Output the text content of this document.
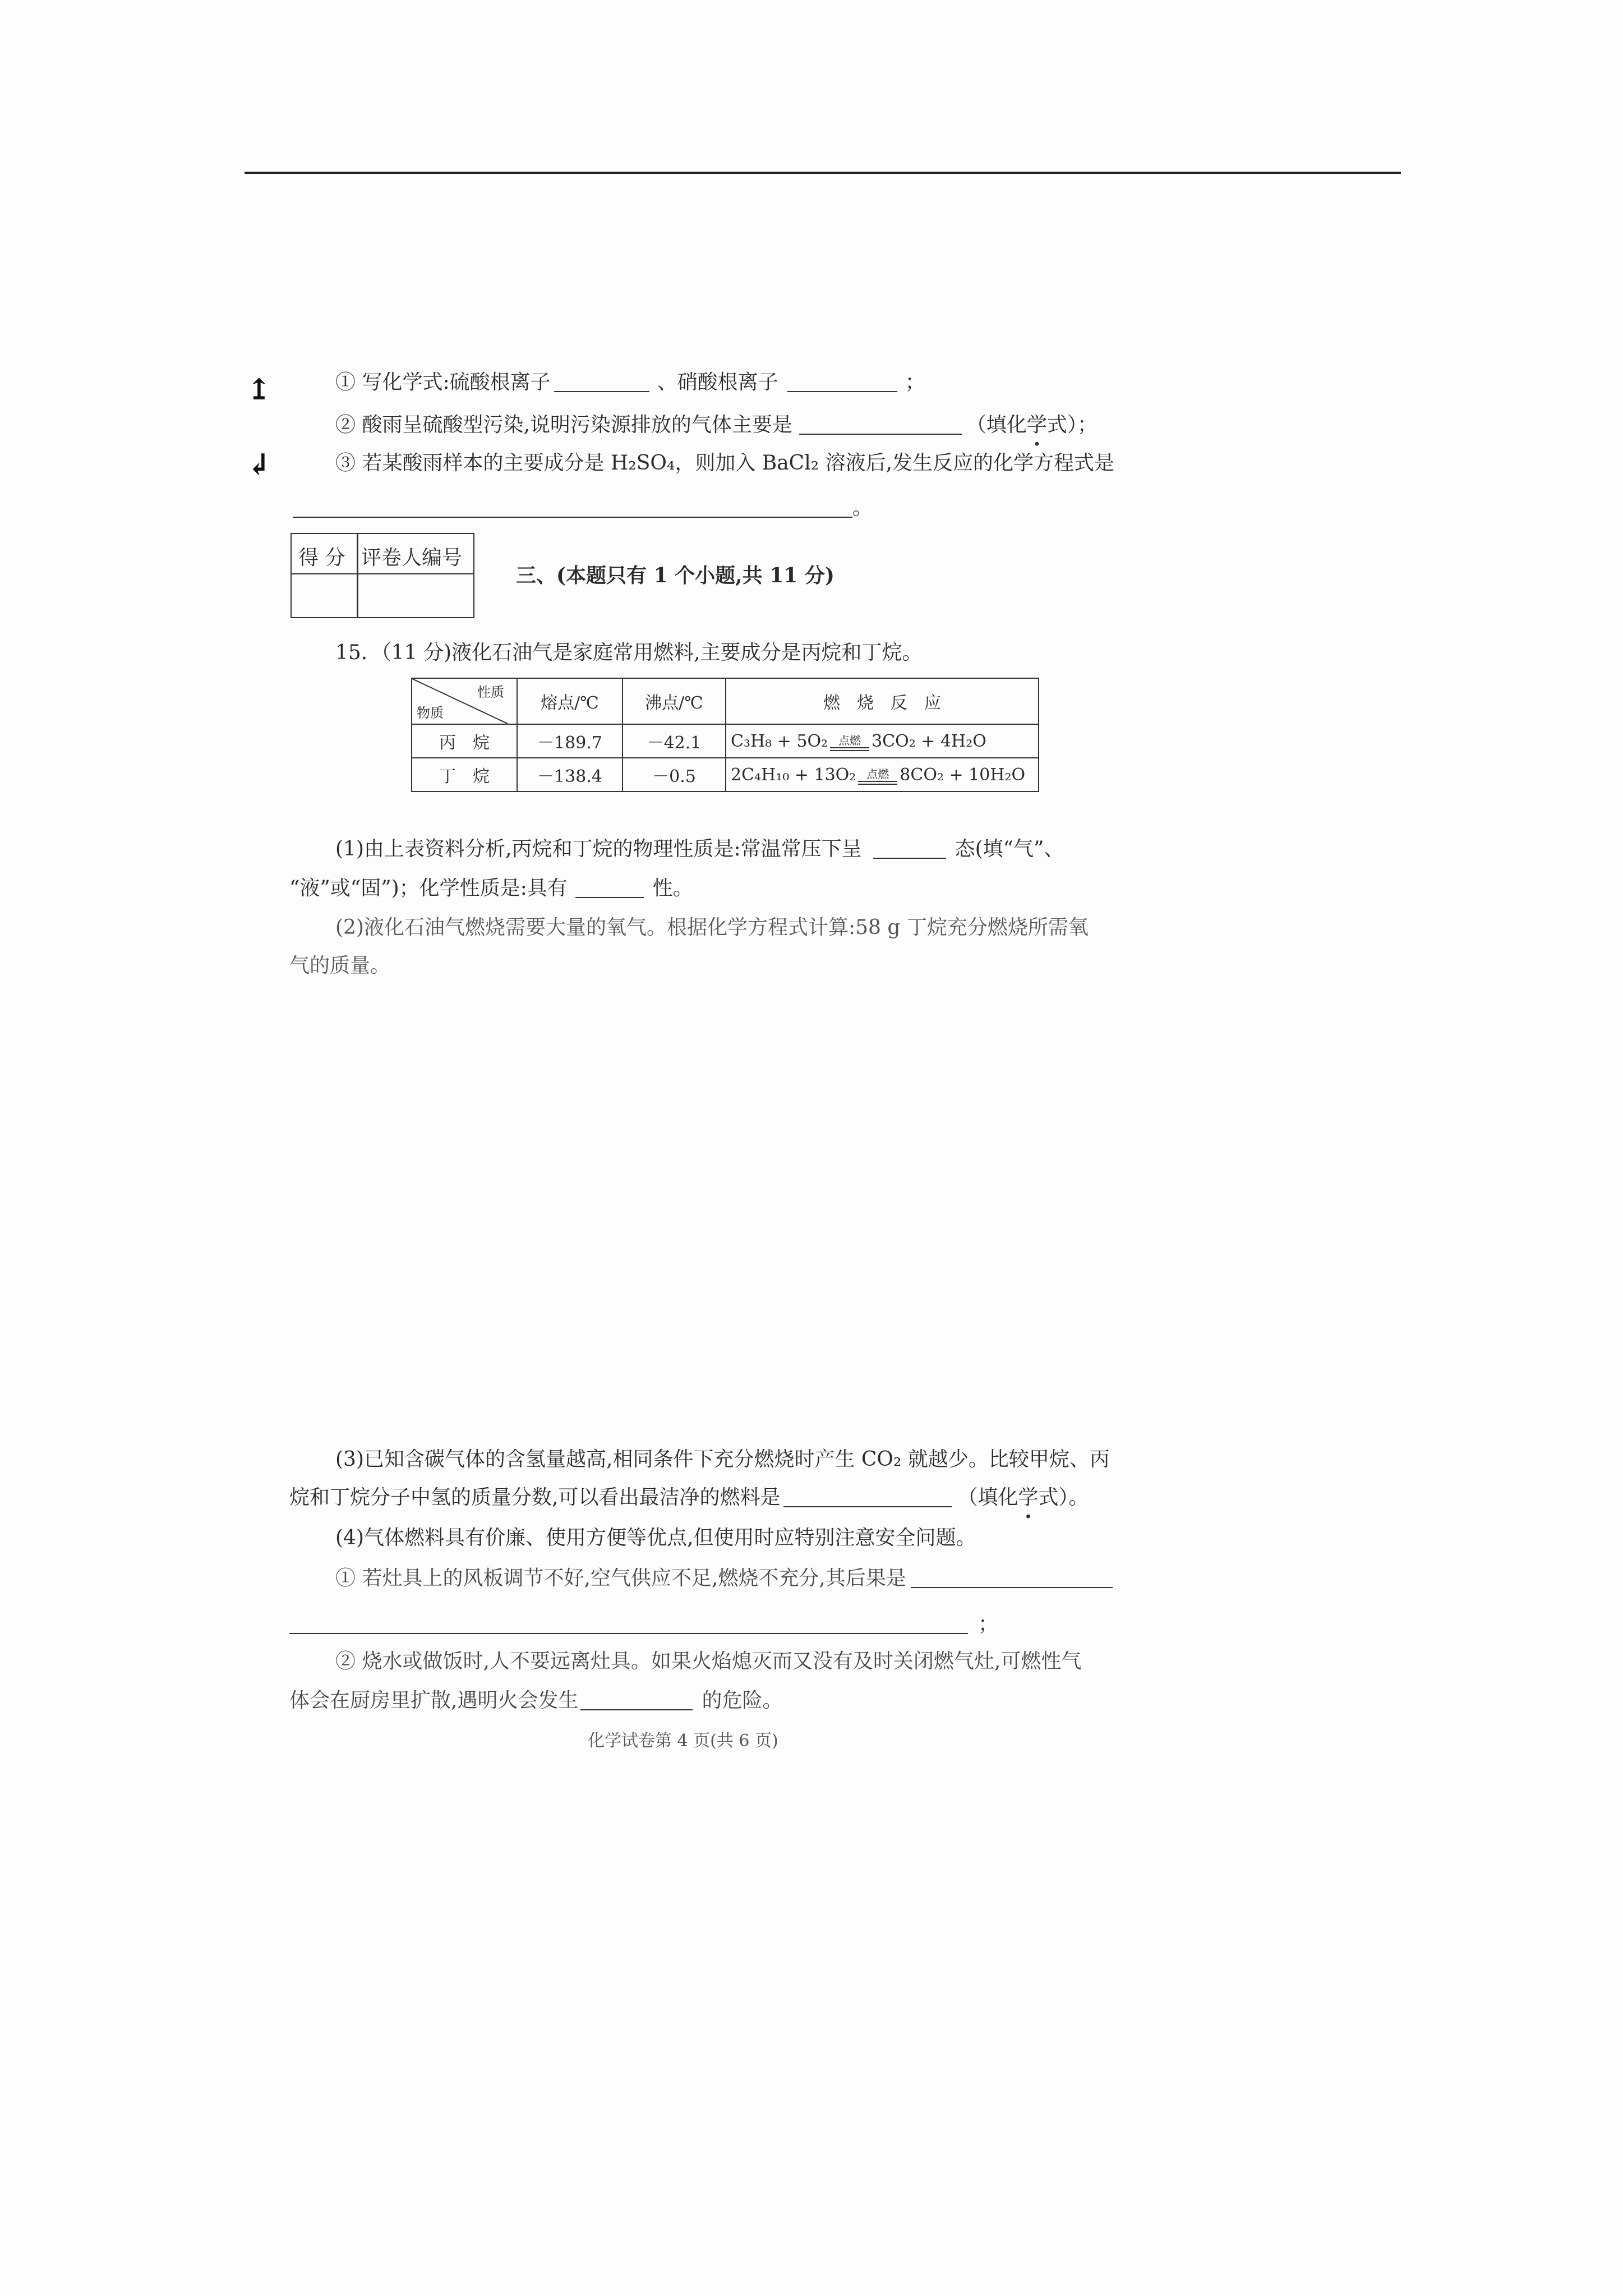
↥
↲
① 写化学式:硫酸根离子	、硝酸根离子	；
② 酸雨呈硫酸型污染,说明污染源排放的气体主要是	（填化学式）；
③ 若某酸雨样本的主要成分是 H₂SO₄，则加入 BaCl₂ 溶液后,发生反应的化学方程式是
。
得 分 评卷人编号
三、(本题只有 1 个小题,共 11 分)
15．（11 分)液化石油气是家庭常用燃料,主要成分是丙烷和丁烷。
性质
物质	熔点/℃	沸点/℃	燃　烧　反　应
丙　烷	－189.7	－42.1	C₃H₈ + 5O₂ 点燃 3CO₂ + 4H₂O
丁　烷	－138.4	－0.5	2C₄H₁₀ + 13O₂ 点燃 8CO₂ + 10H₂O
(1)由上表资料分析,丙烷和丁烷的物理性质是:常温常压下呈	态(填“气”、
“液”或“固”)；化学性质是:具有	性。
(2)液化石油气燃烧需要大量的氧气。根据化学方程式计算:58 g 丁烷充分燃烧所需氧
气的质量。
(3)已知含碳气体的含氢量越高,相同条件下充分燃烧时产生 CO₂ 就越少。比较甲烷、丙
烷和丁烷分子中氢的质量分数,可以看出最洁净的燃料是	（填化学式）。
(4)气体燃料具有价廉、使用方便等优点,但使用时应特别注意安全问题。
① 若灶具上的风板调节不好,空气供应不足,燃烧不充分,其后果是
；
② 烧水或做饭时,人不要远离灶具。如果火焰熄灭而又没有及时关闭燃气灶,可燃性气
体会在厨房里扩散,遇明火会发生	的危险。
化学试卷第 4 页(共 6 页)
